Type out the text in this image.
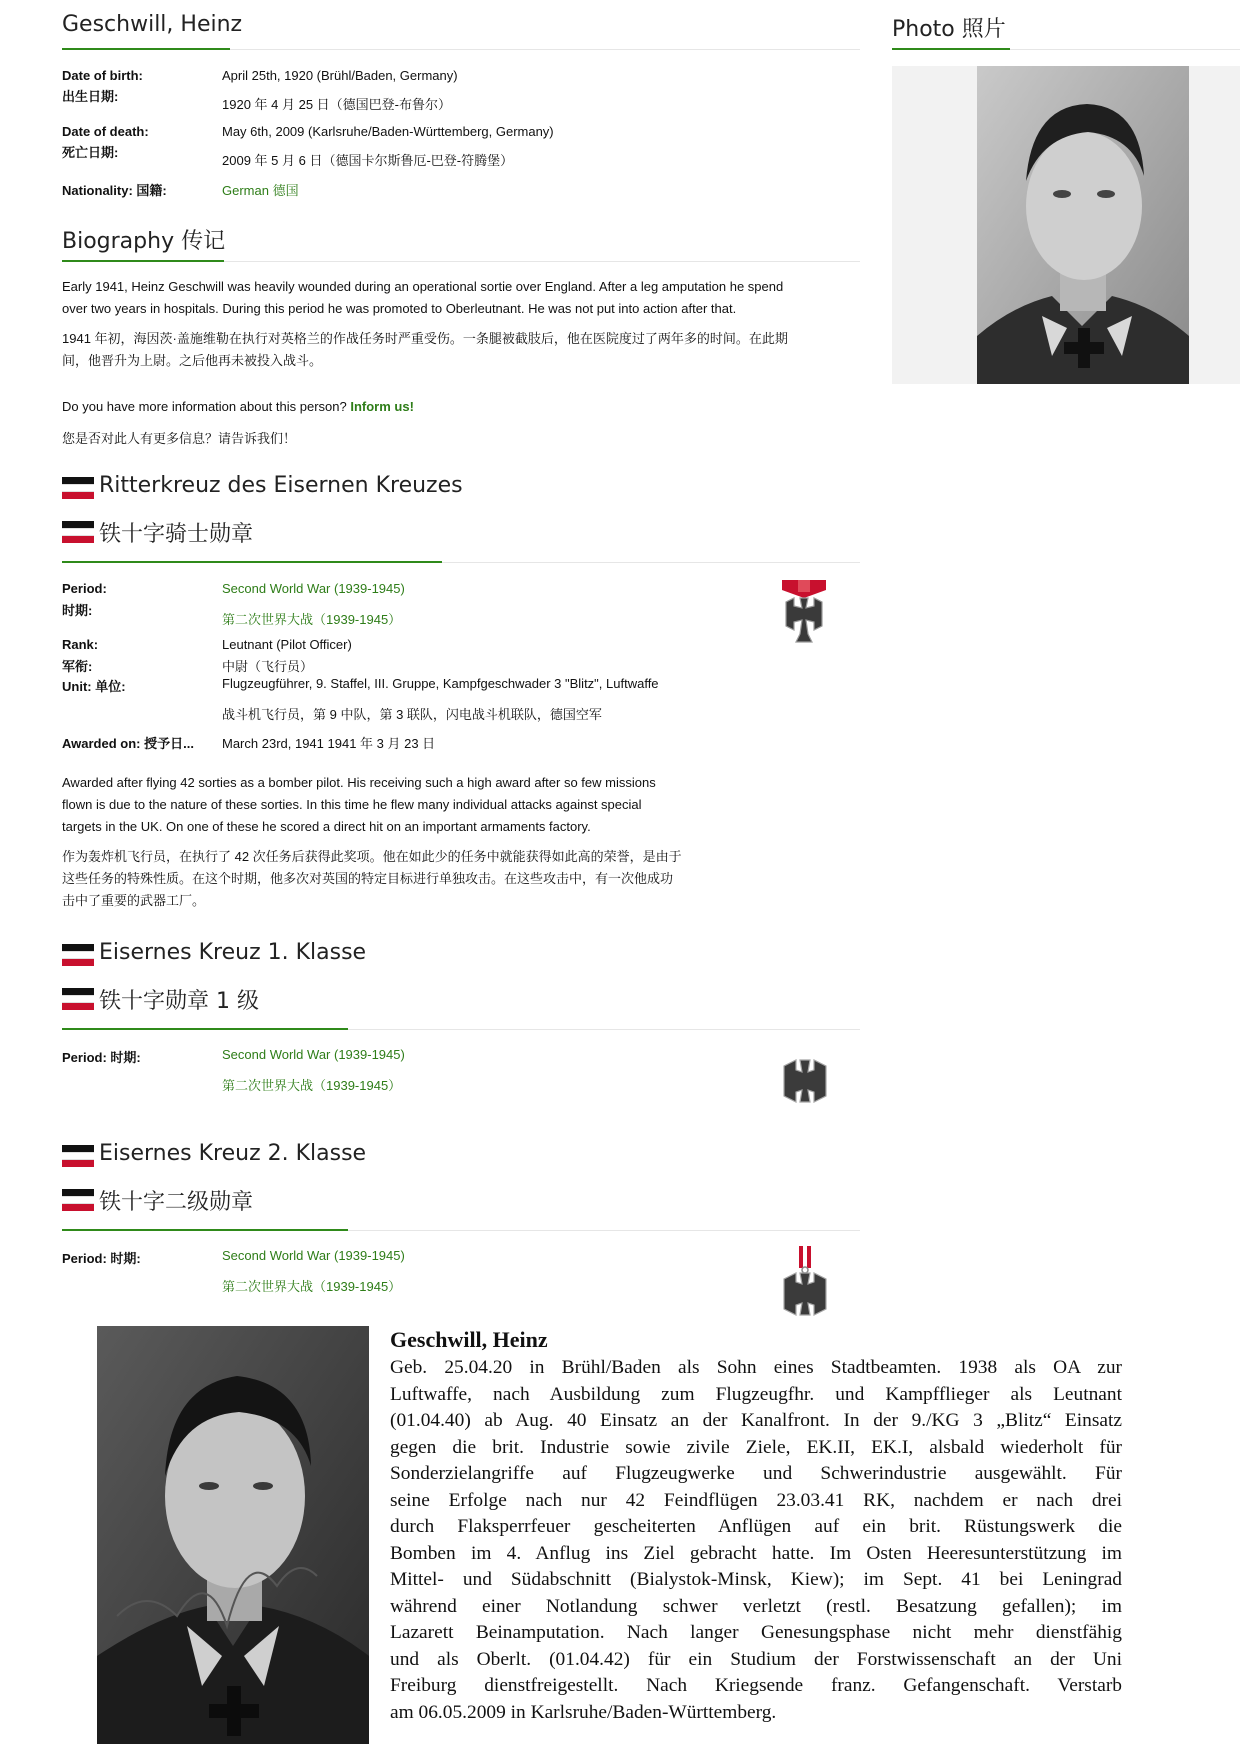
Geschwill, Heinz
Date of birth:
出生日期:
April 25th, 1920 (Brühl/Baden, Germany)
1920 年 4 月 25 日（德国巴登-布鲁尔）
Date of death:
死亡日期:
May 6th, 2009 (Karlsruhe/Baden-Württemberg, Germany)
2009 年 5 月 6 日（德国卡尔斯鲁厄-巴登-符腾堡）
Nationality: 国籍:	German 德国
Photo 照片
Biography 传记
Early 1941, Heinz Geschwill was heavily wounded during an operational sortie over England. After a leg amputation he spend
over two years in hospitals. During this period he was promoted to Oberleutnant. He was not put into action after that.
1941 年初，海因茨·盖施维勒在执行对英格兰的作战任务时严重受伤。一条腿被截肢后，他在医院度过了两年多的时间。在此期
间，他晋升为上尉。之后他再未被投入战斗。
Do you have more information about this person? Inform us!
您是否对此人有更多信息？请告诉我们！
Ritterkreuz des Eisernen Kreuzes
铁十字骑士勋章
Period:
时期:
Second World War (1939-1945)
第二次世界大战（1939-1945）
Rank:
军衔:
Leutnant (Pilot Officer)
中尉（飞行员）
Unit: 单位:	Flugzeugführer, 9. Staffel, III. Gruppe, Kampfgeschwader 3 "Blitz", Luftwaffe
战斗机飞行员，第 9 中队，第 3 联队，闪电战斗机联队，德国空军
Awarded on: 授予日... March 23rd, 1941 1941 年 3 月 23 日
Awarded after flying 42 sorties as a bomber pilot. His receiving such a high award after so few missions
flown is due to the nature of these sorties. In this time he flew many individual attacks against special
targets in the UK. On one of these he scored a direct hit on an important armaments factory.
作为轰炸机飞行员，在执行了 42 次任务后获得此奖项。他在如此少的任务中就能获得如此高的荣誉，是由于
这些任务的特殊性质。在这个时期，他多次对英国的特定目标进行单独攻击。在这些攻击中，有一次他成功
击中了重要的武器工厂。
Eisernes Kreuz 1. Klasse
铁十字勋章 1 级
Period: 时期:	Second World War (1939-1945)
第二次世界大战（1939-1945）
Eisernes Kreuz 2. Klasse
铁十字二级勋章
Period: 时期:	Second World War (1939-1945)
第二次世界大战（1939-1945）
Geschwill, Heinz
Geb. 25.04.20 in Brühl/Baden als Sohn eines Stadtbeamten. 1938 als OA zur
Luftwaffe, nach Ausbildung zum Flugzeugfhr. und Kampfflieger als Leutnant
(01.04.40) ab Aug. 40 Einsatz an der Kanalfront. In der 9./KG 3 „Blitz“ Einsatz
gegen die brit. Industrie sowie zivile Ziele, EK.II, EK.I, alsbald wiederholt für
Sonderzielangriffe auf Flugzeugwerke und Schwerindustrie ausgewählt. Für
seine Erfolge nach nur 42 Feindflügen 23.03.41 RK, nachdem er nach drei
durch Flaksperrfeuer gescheiterten Anflügen auf ein brit. Rüstungswerk die
Bomben im 4. Anflug ins Ziel gebracht hatte. Im Osten Heeresunterstützung im
Mittel- und Südabschnitt (Bialystok-Minsk, Kiew); im Sept. 41 bei Leningrad
während einer Notlandung schwer verletzt (restl. Besatzung gefallen); im
Lazarett Beinamputation. Nach langer Genesungsphase nicht mehr dienstfähig
und als Oberlt. (01.04.42) für ein Studium der Forstwissenschaft an der Uni
Freiburg dienstfreigestellt. Nach Kriegsende franz. Gefangenschaft. Verstarb
am 06.05.2009 in Karlsruhe/Baden-Württemberg.
